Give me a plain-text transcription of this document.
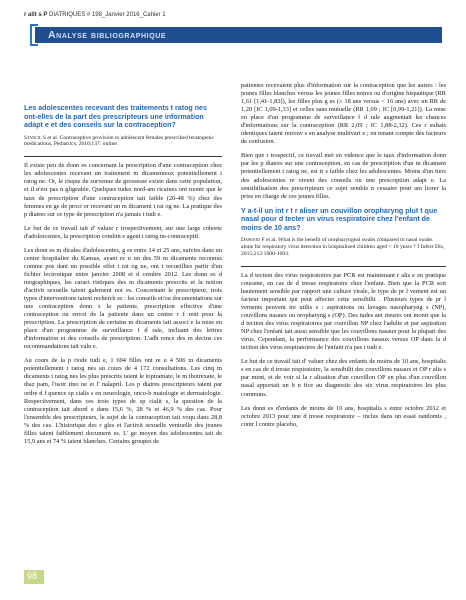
r alit s P DIATRIQUES # 198_Janvier 2016_Cahier 1
Analyse bibliographique
Les adolescentes recevant des traitements t ratog nes ont-elles de la part des prescripteurs une information adapt e et des conseils sur la contraception?
Stancil S et al. Contraceptive provision to adolescent females prescribed teratogenic medications. Pediatrics, 2016;137: online.

Il existe peu de donn es concernant la prescription d'une contraception chez les adolescentes recevant un traitement m dicamenteux potentiellement t ratog ne. Or, le risque de survenue de grossesse existe dans cette population, et il n'est pas n gligeable. Quelques tudes nord-am ricaines ont montr que le taux de prescription d'une contraception tait faible (20-48 %) chez des femmes en ge de procr er recevant un m dicament t rat og ne. La pratique des p diatres sur ce type de prescription n'a jamais t tudi e.

Le but de ce travail tait d' valuer r trospectivement, sur une large cohorte d'adolescentes, la prescription combin e agent t ratog ne-contraceptif.

Les donn es m dicales d'adolescentes, g es entre 14 et 25 ans, suivies dans un centre hospitalier du Kansas, ayant re u un des 59 m dicaments reconnus comme pos dant un possible effet t rat og ne, ont t recueillies partir d'un fichier lectronique entre janvier 2008 et d cembre 2012. Les donn es d mographiques, les caract ristiques des m dicaments prescrits et la notion d'activit sexuelle taient galement not es. Concernant le prescripteur, trois types d'interventions taient recherch es : les conseils et/ou documentations sur une contraception donn s la patiente, prescription effective d'une contraception ou envoi de la patiente dans un centre r f rent pour la prescription. La prescription de certains m dicaments tait associ e la mise en place d'un programme de surveillance f d rale, incluant des lettres d'information et des conseils de prescription. L'adh rence des m decins ces recommandations tait valu e.

Au cours de la p riode tudi e, 1 694 filles ont re u 4 506 m dicaments potentiellement t ratog nes au cours de 4 172 consultations. Les cinq m dicaments t ratog nes les plus prescrits taient le topiramate, le m thotrexate, le diaz pam, l'isotr tino ne et l' nalapril. Les p diatres prescripteurs taient par ordre d f quence sp cialis s en neurologie, onco-h matologie et dermatologie. Respectivement, dans ces trois types de sp cialit s, la question de la contraception tait abord e dans 15,6 %, 28 % et 46,9 % des cas. Pour l'ensemble des prescripteurs, le sujet de la contraception tait voqu dans 28,8 % des cas. L'historique des r gles et l'activit sexuelle ventuelle des jeunes filles taient faiblement document es. L' ge moyen des adolescentes tait de 15,9 ans et 74 % taient blanches. Certains groupes de

patientes recevaient plus d'information sur la contraception que les autres : les jeunes filles blanches versus les jeunes filles noires ou d'origine hispanique (RR 1,61 [1,41-1,83]), les filles plus g es (≥ 18 ans versus < 16 ans) avec un RR de 1,20 [IC 1,09-1,33] et celles sans mutuelle (RR 1,09 ; IC [0,99-1,21]). La mise en place d'un programme de surveillance f d rale augmentait les chances d'informations sur la contraception (RR 2,09 ; IC 1,88-2,32). Ces r sultats identiques taient retrouv s en analyse multivari e ; en tenant compte des facteurs de confusion.

Bien que r trospectif, ce travail met en vidence que le taux d'information donn par les p diatres sur une contraception, en cas de prescription d'un m dicament potentiellement t ratog ne, est tr s faible chez les adolescentes. Moins d'un tiers des adolescentes re oivent des conseils ou une prescription adapt e. La sensibilisation des prescripteurs ce sujet semble n cessaire pour am liorer la prise en charge de ces jeunes filles.

Y a-t-il un int r t r aliser un couvillon oropharyng plut t que nasal pour d tecter un virus respiratoire chez l'enfant de moins de 10 ans?
Dawood F et al. What is the benefit of oropharyngeal swabs compared to nasal swabs alone for respiratory virus detection in hospitalized children aged < 10 years ? J Infect Dis, 2015;212:1600-1603.

La d tection des virus respiratoires par PCR est maintenant r alis e en pratique courante, en cas de d tresse respiratoire chez l'enfant. Bien que la PCR soit hautement sensible par rapport une culture virale, le type de pr l vement est un facteur important qui peut affecter cette sensibilit . Plusieurs types de pr l vements peuvent tre utilis s : aspirations ou lavages nasopharyng s (NP), couvillons nasaux ou oropharyng s (OP). Des tudes ant rieures ont montr que la d tection des virus respiratoires par couvillon NP chez l'adulte et par aspiration NP chez l'enfant tait aussi sensible que les couvillons nasaux pour la plupart des virus. Cependant, la performance des couvillons nasaux versus OP dans la d tection des virus respiratoires de l'enfant n'a pas t tudi e.

Le but de ce travail tait d' valuer chez des enfants de moins de 10 ans, hospitalis s en cas de d tresse respiratoire, la sensibilit des couvillons nasaux et OP r alis s par ment, et de voir si la r alisation d'un couvillon OP en plus d'un couvillon nasal apportait un b n fice au diagnostic des six virus respiratoires les plus communs.

Les donn es d'enfants de moins de 10 ans, hospitalis s entre octobre 2012 et octobre 2013 pour une d tresse respiratoire – inclus dans un essai randomis , contr l contre placebo,

98
